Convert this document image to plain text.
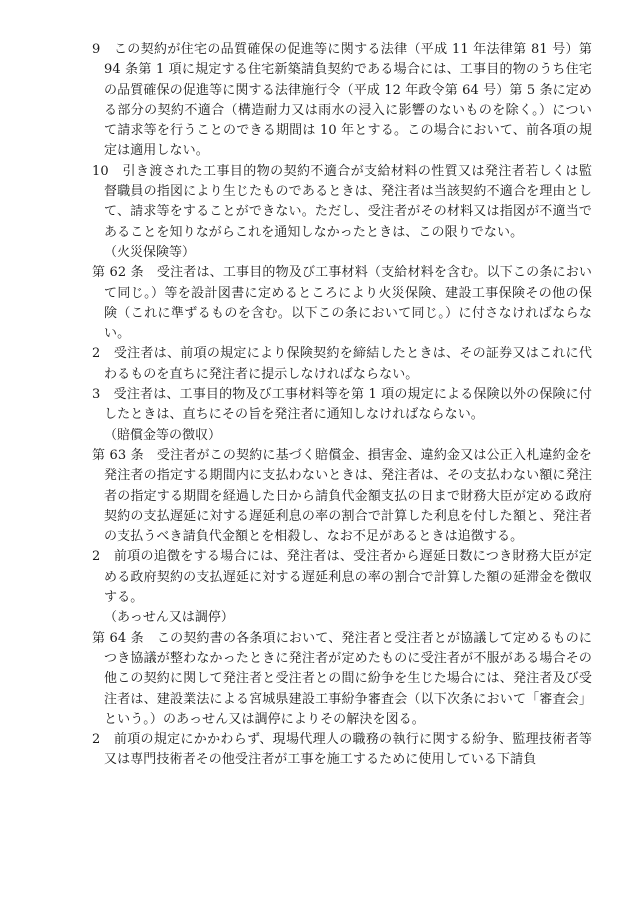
9　この契約が住宅の品質確保の促進等に関する法律（平成 11 年法律第 81 号）第 94 条第 1 項に規定する住宅新築請負契約である場合には、工事目的物のうち住宅の品質確保の促進等に関する法律施行令（平成 12 年政令第 64 号）第 5 条に定める部分の契約不適合（構造耐力又は雨水の浸入に影響のないものを除く。）について請求等を行うことのできる期間は 10 年とする。この場合において、前各項の規定は適用しない。
10　引き渡された工事目的物の契約不適合が支給材料の性質又は発注者若しくは監督職員の指図により生じたものであるときは、発注者は当該契約不適合を理由として、請求等をすることができない。ただし、受注者がその材料又は指図が不適当であることを知りながらこれを通知しなかったときは、この限りでない。
（火災保険等）
第 62 条　受注者は、工事目的物及び工事材料（支給材料を含む。以下この条において同じ。）等を設計図書に定めるところにより火災保険、建設工事保険その他の保険（これに準ずるものを含む。以下この条において同じ。）に付さなければならない。
2　受注者は、前項の規定により保険契約を締結したときは、その証券又はこれに代わるものを直ちに発注者に提示しなければならない。
3　受注者は、工事目的物及び工事材料等を第 1 項の規定による保険以外の保険に付したときは、直ちにその旨を発注者に通知しなければならない。
（賠償金等の徴収）
第 63 条　受注者がこの契約に基づく賠償金、損害金、違約金又は公正入札違約金を発注者の指定する期間内に支払わないときは、発注者は、その支払わない額に発注者の指定する期間を経過した日から請負代金額支払の日まで財務大臣が定める政府契約の支払遅延に対する遅延利息の率の割合で計算した利息を付した額と、発注者の支払うべき請負代金額とを相殺し、なお不足があるときは追徴する。
2　前項の追徴をする場合には、発注者は、受注者から遅延日数につき財務大臣が定める政府契約の支払遅延に対する遅延利息の率の割合で計算した額の延滞金を徴収する。
（あっせん又は調停）
第 64 条　この契約書の各条項において、発注者と受注者とが協議して定めるものにつき協議が整わなかったときに発注者が定めたものに受注者が不服がある場合その他この契約に関して発注者と受注者との間に紛争を生じた場合には、発注者及び受注者は、建設業法による宮城県建設工事紛争審査会（以下次条において「審査会」という。）のあっせん又は調停によりその解決を図る。
2　前項の規定にかかわらず、現場代理人の職務の執行に関する紛争、監理技術者等又は専門技術者その他受注者が工事を施工するために使用している下請負
